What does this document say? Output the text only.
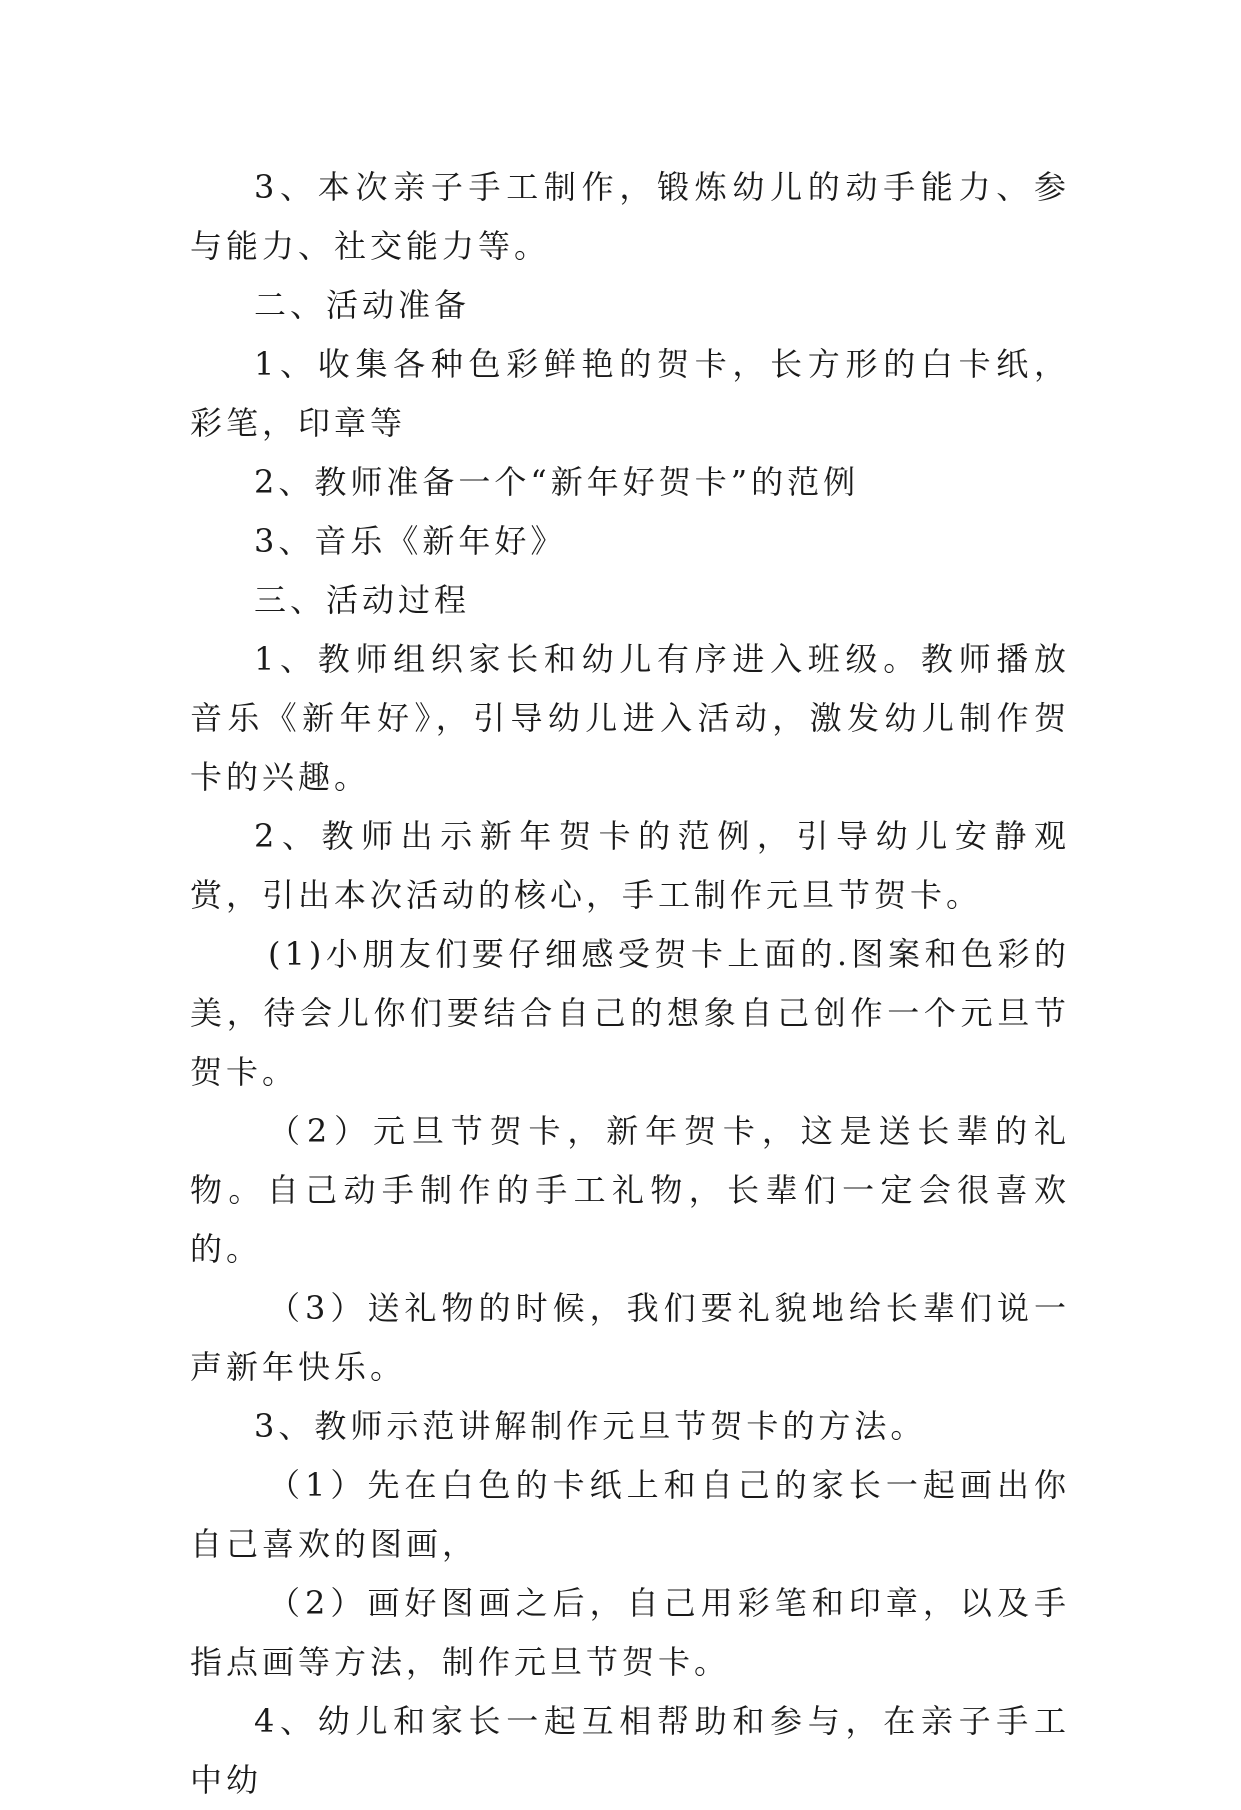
3、本次亲子手工制作，锻炼幼儿的动手能力、参与能力、社交能力等。

二、活动准备

1、收集各种色彩鲜艳的贺卡，长方形的白卡纸，彩笔，印章等

2、教师准备一个“新年好贺卡”的范例

3、音乐《新年好》

三、活动过程

1、教师组织家长和幼儿有序进入班级。教师播放音乐《新年好》，引导幼儿进入活动，激发幼儿制作贺卡的兴趣。

2、教师出示新年贺卡的范例，引导幼儿安静观赏，引出本次活动的核心，手工制作元旦节贺卡。

(1)小朋友们要仔细感受贺卡上面的.图案和色彩的美，待会儿你们要结合自己的想象自己创作一个元旦节贺卡。

（2）元旦节贺卡，新年贺卡，这是送长辈的礼物。自己动手制作的手工礼物，长辈们一定会很喜欢的。

（3）送礼物的时候，我们要礼貌地给长辈们说一声新年快乐。

3、教师示范讲解制作元旦节贺卡的方法。

（1）先在白色的卡纸上和自己的家长一起画出你自己喜欢的图画，

（2）画好图画之后，自己用彩笔和印章，以及手指点画等方法，制作元旦节贺卡。

4、幼儿和家长一起互相帮助和参与，在亲子手工中幼
